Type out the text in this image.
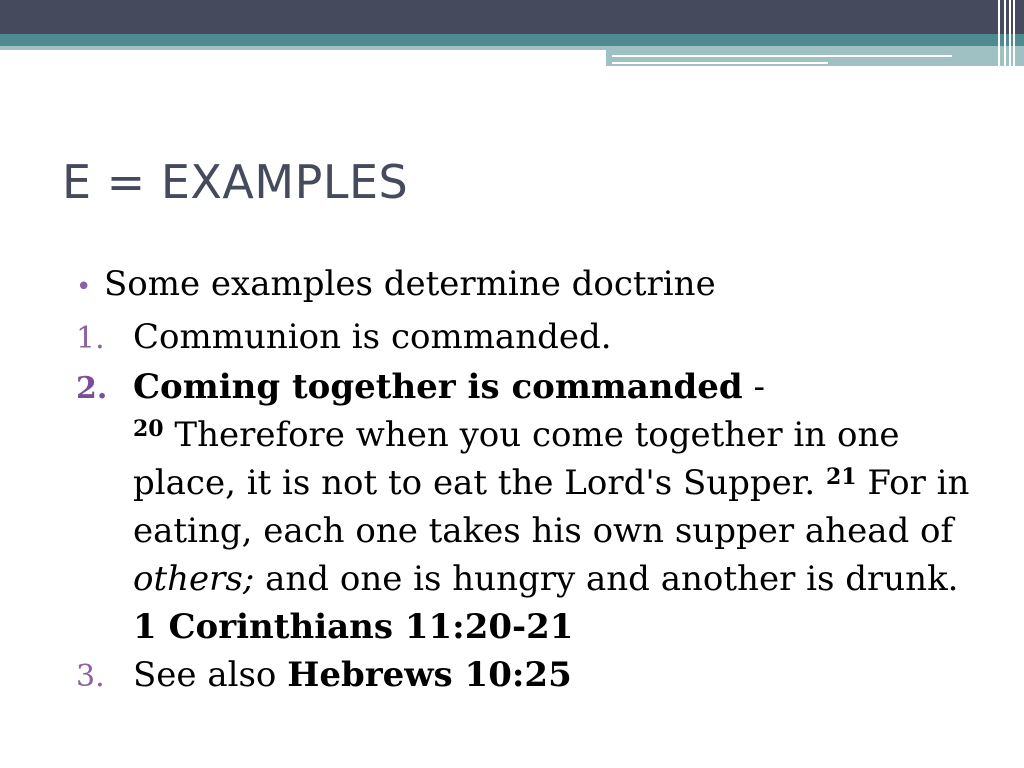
E = EXAMPLES
• Some examples determine doctrine

1. Communion is commanded.

2. Coming together is commanded -
$^{20}$ Therefore when you come together in one place, it is not to eat the Lord's Supper. $^{21}$ For in eating, each one takes his own supper ahead of others; and one is hungry and another is drunk. 1 Corinthians 11:20-21

3. See also Hebrews 10:25
